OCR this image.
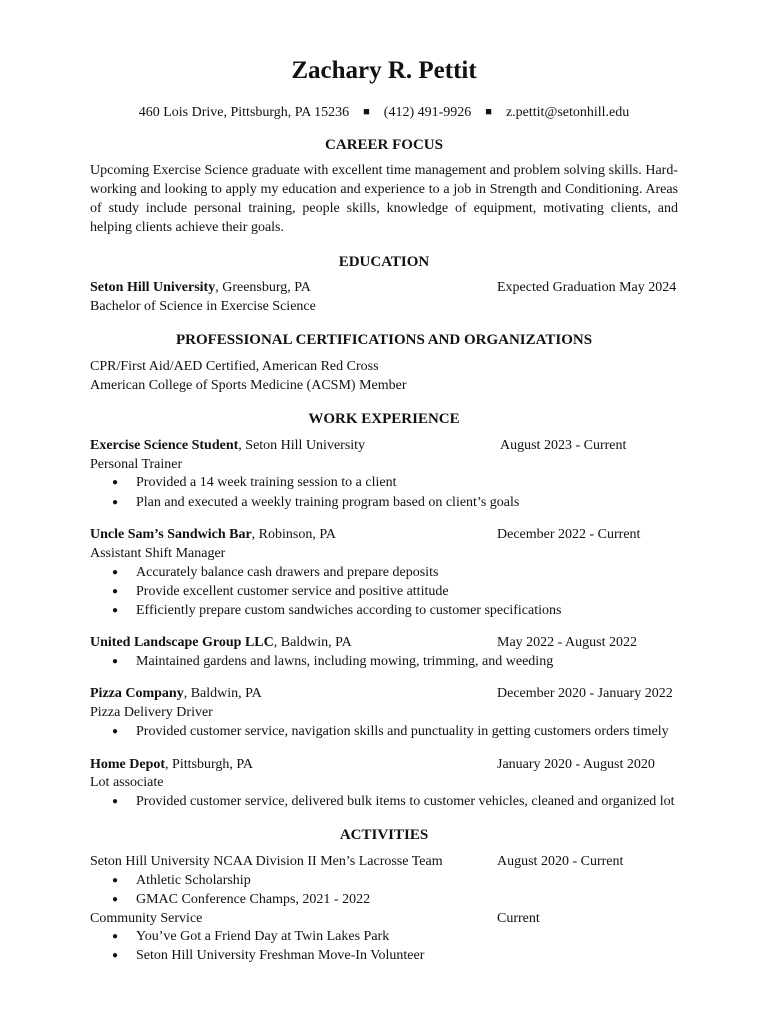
Zachary R. Pettit
460 Lois Drive, Pittsburgh, PA 15236 ■ (412) 491-9926 ■ z.pettit@setonhill.edu
CAREER FOCUS
Upcoming Exercise Science graduate with excellent time management and problem solving skills. Hard-working and looking to apply my education and experience to a job in Strength and Conditioning. Areas of study include personal training, people skills, knowledge of equipment, motivating clients, and helping clients achieve their goals.
EDUCATION
Seton Hill University, Greensburg, PA	Expected Graduation May 2024
Bachelor of Science in Exercise Science
PROFESSIONAL CERTIFICATIONS AND ORGANIZATIONS
CPR/First Aid/AED Certified, American Red Cross
American College of Sports Medicine (ACSM) Member
WORK EXPERIENCE
Exercise Science Student, Seton Hill University	August 2023 - Current
Personal Trainer
● Provided a 14 week training session to a client
● Plan and executed a weekly training program based on client’s goals
Uncle Sam’s Sandwich Bar, Robinson, PA	December 2022 - Current
Assistant Shift Manager
● Accurately balance cash drawers and prepare deposits
● Provide excellent customer service and positive attitude
● Efficiently prepare custom sandwiches according to customer specifications
United Landscape Group LLC, Baldwin, PA	May 2022 - August 2022
● Maintained gardens and lawns, including mowing, trimming, and weeding
Pizza Company, Baldwin, PA	December 2020 - January 2022
Pizza Delivery Driver
● Provided customer service, navigation skills and punctuality in getting customers orders timely
Home Depot, Pittsburgh, PA	January 2020 - August 2020
Lot associate
● Provided customer service, delivered bulk items to customer vehicles, cleaned and organized lot
ACTIVITIES
Seton Hill University NCAA Division II Men’s Lacrosse Team	August 2020 - Current
● Athletic Scholarship
● GMAC Conference Champs, 2021 - 2022
Community Service	Current
● You’ve Got a Friend Day at Twin Lakes Park
● Seton Hill University Freshman Move-In Volunteer
